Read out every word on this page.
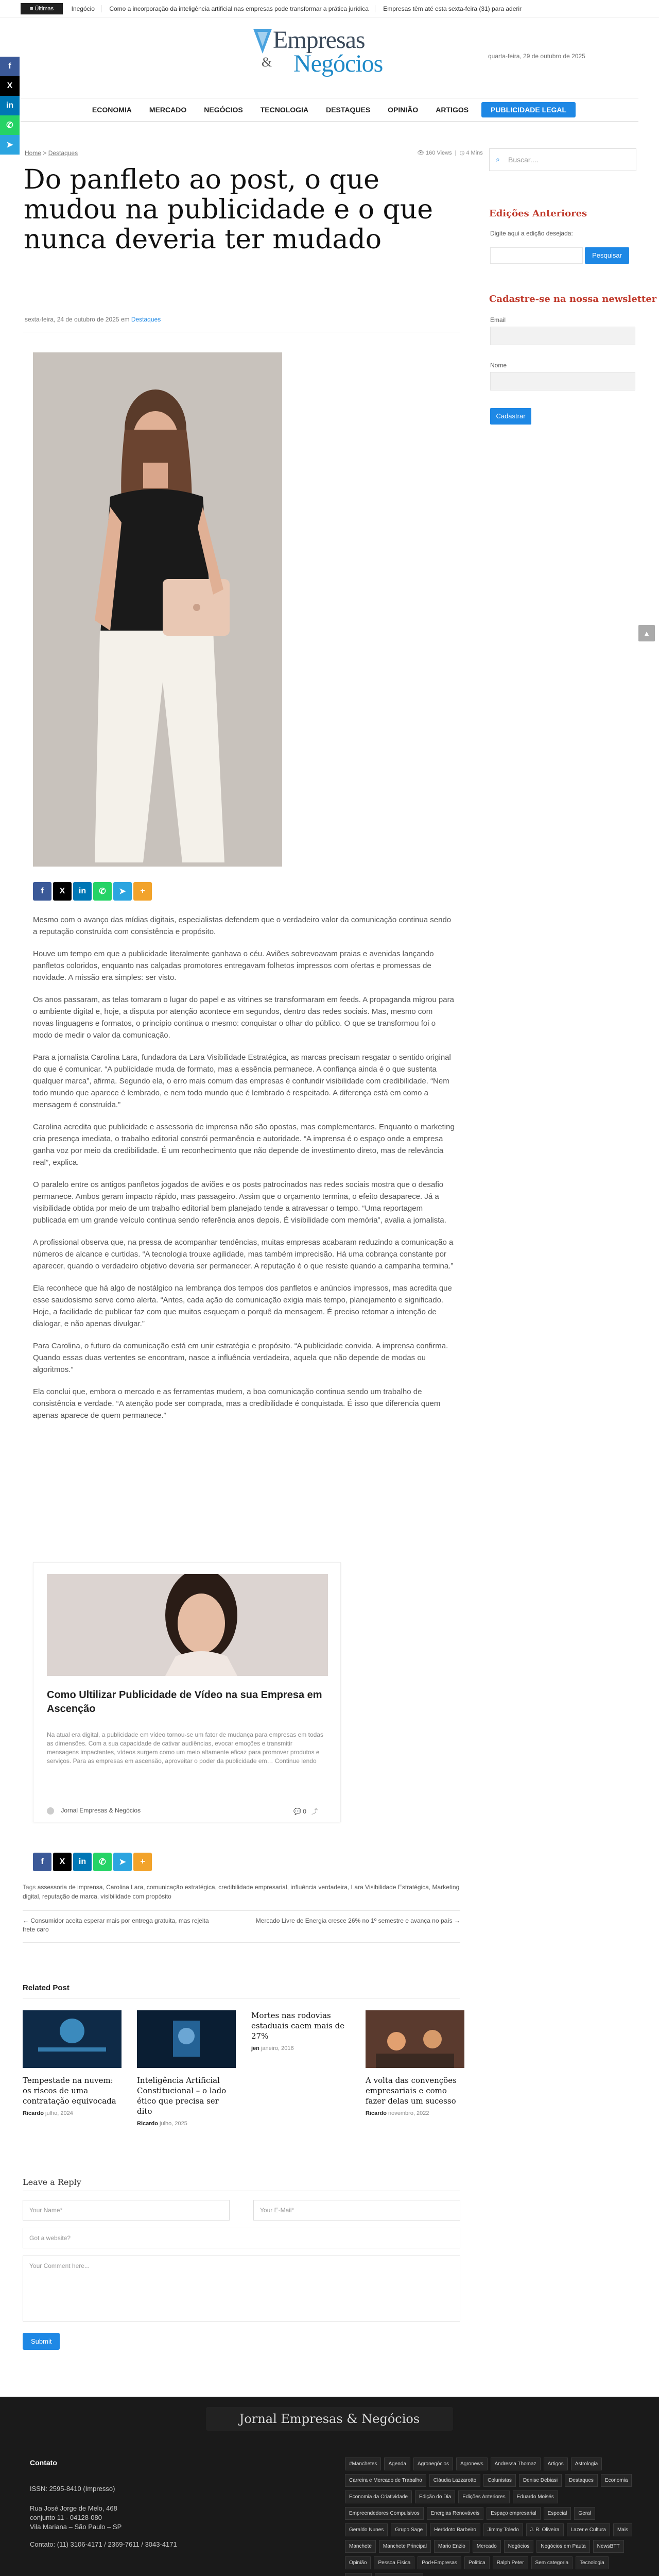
≡ Últimas	Inegócio Como a incorporação da inteligência artificial nas empresas pode transformar a prática jurídica Empresas têm até esta sexta-feira (31) para aderir
f
X
in
✆
➤
Empresas
& Negócios	quarta-feira, 29 de outubro de 2025
ECONOMIA	MERCADO	NEGÓCIOS	TECNOLOGIA	DESTAQUES	OPINIÃO	ARTIGOS	PUBLICIDADE LEGAL
Home > Destaques	👁 160 Views  |  ◷ 4 Mins
Do panfleto ao post, o que mudou na publicidade e o que nunca deveria ter mudado
sexta-feira, 24 de outubro de 2025 em Destaques
f	X	in	✆	➤	+

Mesmo com o avanço das mídias digitais, especialistas defendem que o verdadeiro valor da comunicação continua sendo a reputação construída com consistência e propósito.

Houve um tempo em que a publicidade literalmente ganhava o céu. Aviões sobrevoavam praias e avenidas lançando panfletos coloridos, enquanto nas calçadas promotores entregavam folhetos impressos com ofertas e promessas de novidade. A missão era simples: ser visto.

Os anos passaram, as telas tomaram o lugar do papel e as vitrines se transformaram em feeds. A propaganda migrou para o ambiente digital e, hoje, a disputa por atenção acontece em segundos, dentro das redes sociais. Mas, mesmo com novas linguagens e formatos, o princípio continua o mesmo: conquistar o olhar do público. O que se transformou foi o modo de medir o valor da comunicação.

Para a jornalista Carolina Lara, fundadora da Lara Visibilidade Estratégica, as marcas precisam resgatar o sentido original do que é comunicar. “A publicidade muda de formato, mas a essência permanece. A confiança ainda é o que sustenta qualquer marca”, afirma. Segundo ela, o erro mais comum das empresas é confundir visibilidade com credibilidade. “Nem todo mundo que aparece é lembrado, e nem todo mundo que é lembrado é respeitado. A diferença está em como a mensagem é construída.”

Carolina acredita que publicidade e assessoria de imprensa não são opostas, mas complementares. Enquanto o marketing cria presença imediata, o trabalho editorial constrói permanência e autoridade. “A imprensa é o espaço onde a empresa ganha voz por meio da credibilidade. É um reconhecimento que não depende de investimento direto, mas de relevância real”, explica.

O paralelo entre os antigos panfletos jogados de aviões e os posts patrocinados nas redes sociais mostra que o desafio permanece. Ambos geram impacto rápido, mas passageiro. Assim que o orçamento termina, o efeito desaparece. Já a visibilidade obtida por meio de um trabalho editorial bem planejado tende a atravessar o tempo. “Uma reportagem publicada em um grande veículo continua sendo referência anos depois. É visibilidade com memória”, avalia a jornalista.

A profissional observa que, na pressa de acompanhar tendências, muitas empresas acabaram reduzindo a comunicação a números de alcance e curtidas. “A tecnologia trouxe agilidade, mas também imprecisão. Há uma cobrança constante por aparecer, quando o verdadeiro objetivo deveria ser permanecer. A reputação é o que resiste quando a campanha termina.”

Ela reconhece que há algo de nostálgico na lembrança dos tempos dos panfletos e anúncios impressos, mas acredita que esse saudosismo serve como alerta. “Antes, cada ação de comunicação exigia mais tempo, planejamento e significado. Hoje, a facilidade de publicar faz com que muitos esqueçam o porquê da mensagem. É preciso retomar a intenção de dialogar, e não apenas divulgar.”

Para Carolina, o futuro da comunicação está em unir estratégia e propósito. “A publicidade convida. A imprensa confirma. Quando essas duas vertentes se encontram, nasce a influência verdadeira, aquela que não depende de modas ou algoritmos.”

Ela conclui que, embora o mercado e as ferramentas mudem, a boa comunicação continua sendo um trabalho de consistência e verdade. “A atenção pode ser comprada, mas a credibilidade é conquistada. É isso que diferencia quem apenas aparece de quem permanece.”

Como Ultilizar Publicidade de Vídeo na sua Empresa em Ascenção
Na atual era digital, a publicidade em vídeo tornou-se um fator de mudança para empresas em todas as dimensões. Com a sua capacidade de cativar audiências, evocar emoções e transmitir mensagens impactantes, vídeos surgem como um meio altamente eficaz para promover produtos e serviços. Para as empresas em ascensão, aproveitar o poder da publicidade em… Continue lendo
Jornal Empresas & Negócios	💬 0 ⤴
f	X	in	✆	➤	+
Tags assessoria de imprensa, Carolina Lara, comunicação estratégica, credibilidade empresarial, influência verdadeira, Lara Visibilidade Estratégica, Marketing digital, reputação de marca, visibilidade com propósito
← Consumidor aceita esperar mais por entrega gratuita, mas rejeita frete caro
Mercado Livre de Energia cresce 26% no 1º semestre e avança no país →
Related Post
Tempestade na nuvem: os riscos de uma contratação equivocada
Ricardo julho, 2024
Inteligência Artificial Constitucional – o lado ético que precisa ser dito
Ricardo julho, 2025
Mortes nas rodovias estaduais caem mais de 27%
jen janeiro, 2016
A volta das convenções empresariais e como fazer delas um sucesso
Ricardo novembro, 2022
Leave a Reply
Your Name*	Your E-Mail*
Got a website?
Your Comment here...
Submit
⌕ Buscar....
Edições Anteriores
Digite aqui a edição desejada:
Pesquisar
Cadastre-se na nossa newsletter
Email
Nome
Cadastrar
▲
Jornal Empresas & Negócios
Contato
ISSN: 2595-8410 (Impresso)
Rua José Jorge de Melo, 468
conjunto 11 - 04128-080
Vila Mariana – São Paulo – SP
Contato: (11) 3106-4171 / 2369-7611 / 3043-4171
#Manchetes	Agenda	Agronegócios	Agronews	Andressa Thomaz	Artigos	Astrologia
Carreira e Mercado de Trabalho	Cláudia Lazzarotto	Colunistas	Denise Debiasi	Destaques	Economia
Economia da Criatividade	Edição do Dia	Edições Anteriores	Eduardo Moisés
Empreendedores Compulsivos	Energias Renováveis	Espaço empresarial	Especial	Geral
Geraldo Nunes	Grupo Sage	Heródoto Barbeiro	Jimmy Toledo	J. B. Oliveira	Lazer e Cultura	Mais
Manchete	Manchete Principal	Mario Enzio	Mercado	Negócios	Negócios em Pauta	NewsBTT
Opinião	Pessoa Física	Pod+Empresas	Política	Ralph Peter	Sem categoria	Tecnologia
